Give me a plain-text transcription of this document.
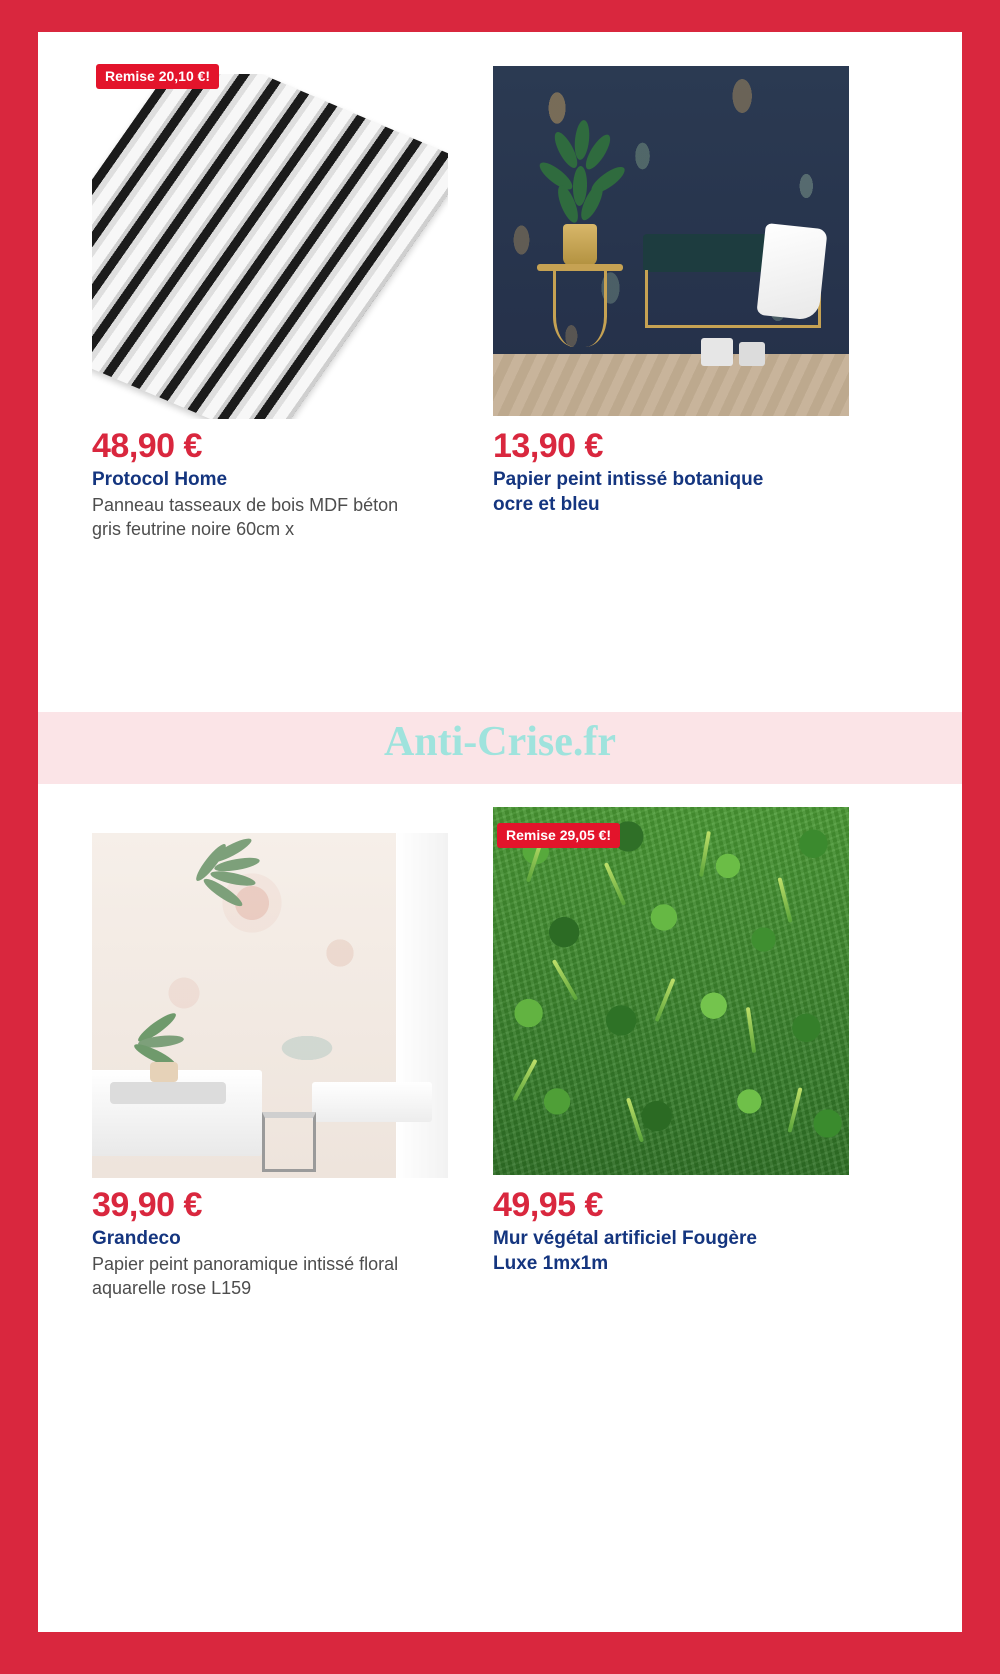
Remise 20,10 €!
48,90 €
Protocol Home
Panneau tasseaux de bois MDF béton gris feutrine noire 60cm x
13,90 €
Papier peint intissé botanique ocre et bleu
39,90 €
Grandeco
Papier peint panoramique intissé floral aquarelle rose L159
Remise 29,05 €!
49,95 €
Mur végétal artificiel Fougère Luxe 1mx1m
Anti-Crise.fr
